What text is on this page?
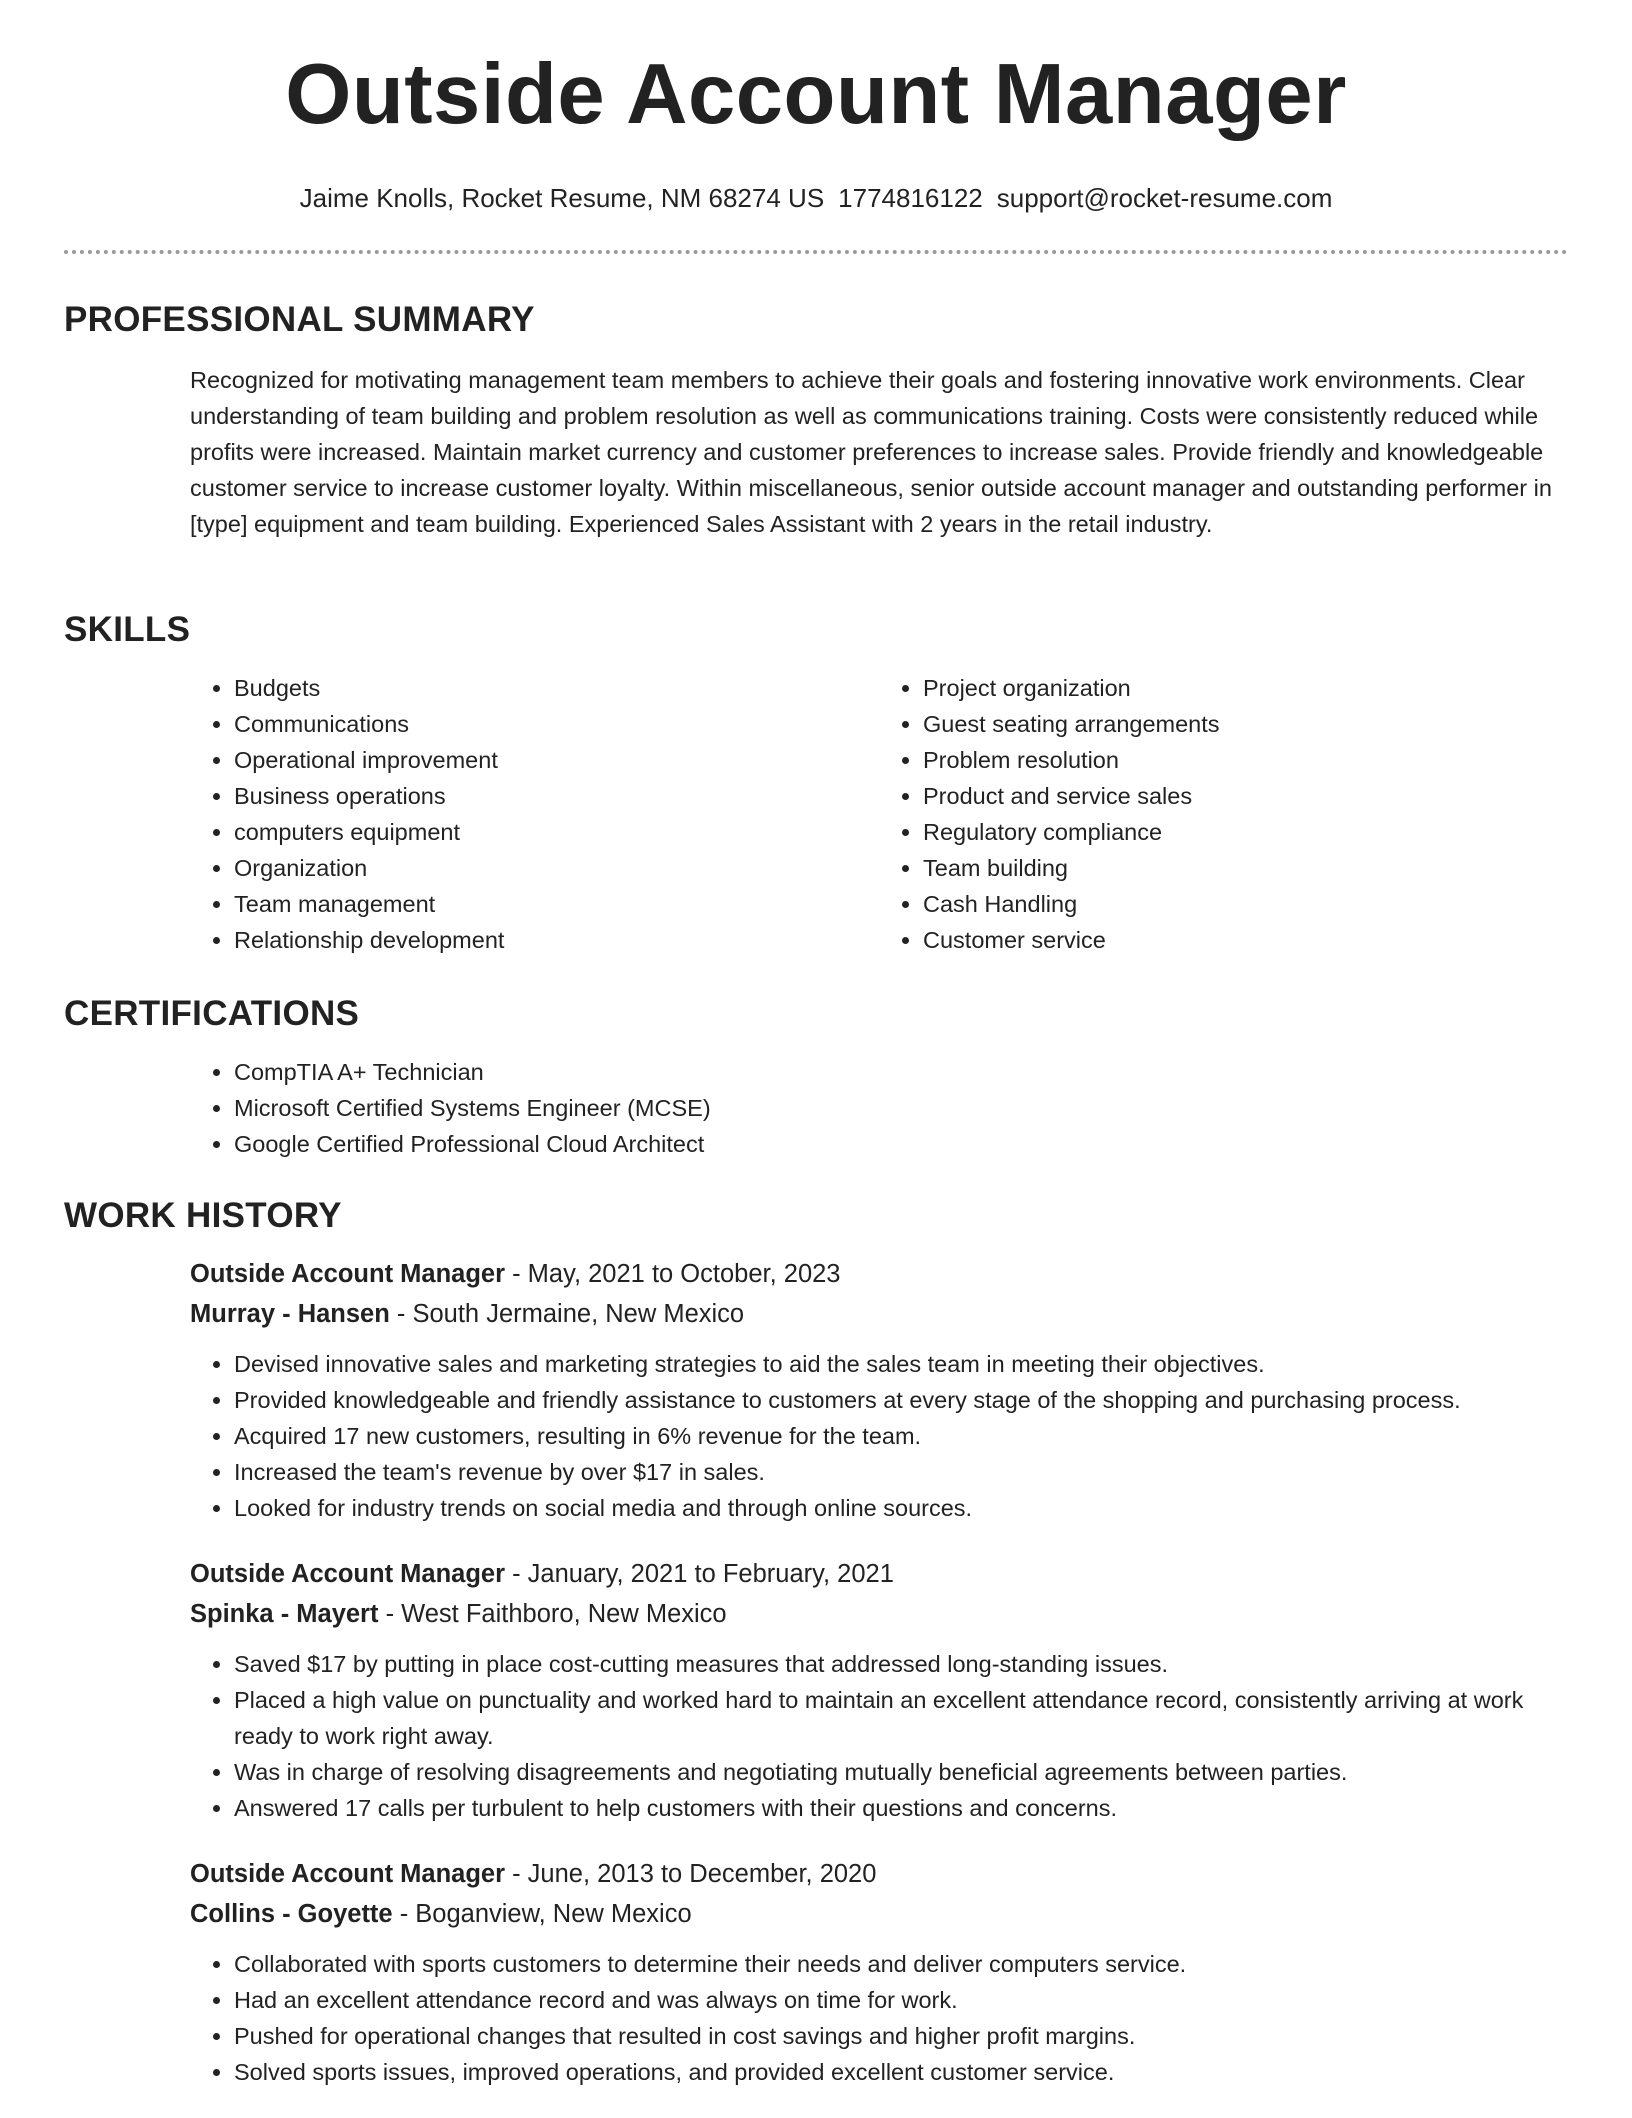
Outside Account Manager
Jaime Knolls, Rocket Resume, NM 68274 US 1774816122 support@rocket-resume.com
PROFESSIONAL SUMMARY
Recognized for motivating management team members to achieve their goals and fostering innovative work environments. Clear understanding of team building and problem resolution as well as communications training. Costs were consistently reduced while profits were increased. Maintain market currency and customer preferences to increase sales. Provide friendly and knowledgeable customer service to increase customer loyalty. Within miscellaneous, senior outside account manager and outstanding performer in [type] equipment and team building. Experienced Sales Assistant with 2 years in the retail industry.
SKILLS
• Budgets
• Communications
• Operational improvement
• Business operations
• computers equipment
• Organization
• Team management
• Relationship development
• Project organization
• Guest seating arrangements
• Problem resolution
• Product and service sales
• Regulatory compliance
• Team building
• Cash Handling
• Customer service
CERTIFICATIONS
• CompTIA A+ Technician
• Microsoft Certified Systems Engineer (MCSE)
• Google Certified Professional Cloud Architect
WORK HISTORY
Outside Account Manager - May, 2021 to October, 2023
Murray - Hansen - South Jermaine, New Mexico
• Devised innovative sales and marketing strategies to aid the sales team in meeting their objectives.
• Provided knowledgeable and friendly assistance to customers at every stage of the shopping and purchasing process.
• Acquired 17 new customers, resulting in 6% revenue for the team.
• Increased the team's revenue by over $17 in sales.
• Looked for industry trends on social media and through online sources.
Outside Account Manager - January, 2021 to February, 2021
Spinka - Mayert - West Faithboro, New Mexico
• Saved $17 by putting in place cost-cutting measures that addressed long-standing issues.
• Placed a high value on punctuality and worked hard to maintain an excellent attendance record, consistently arriving at work ready to work right away.
• Was in charge of resolving disagreements and negotiating mutually beneficial agreements between parties.
• Answered 17 calls per turbulent to help customers with their questions and concerns.
Outside Account Manager - June, 2013 to December, 2020
Collins - Goyette - Boganview, New Mexico
• Collaborated with sports customers to determine their needs and deliver computers service.
• Had an excellent attendance record and was always on time for work.
• Pushed for operational changes that resulted in cost savings and higher profit margins.
• Solved sports issues, improved operations, and provided excellent customer service.
